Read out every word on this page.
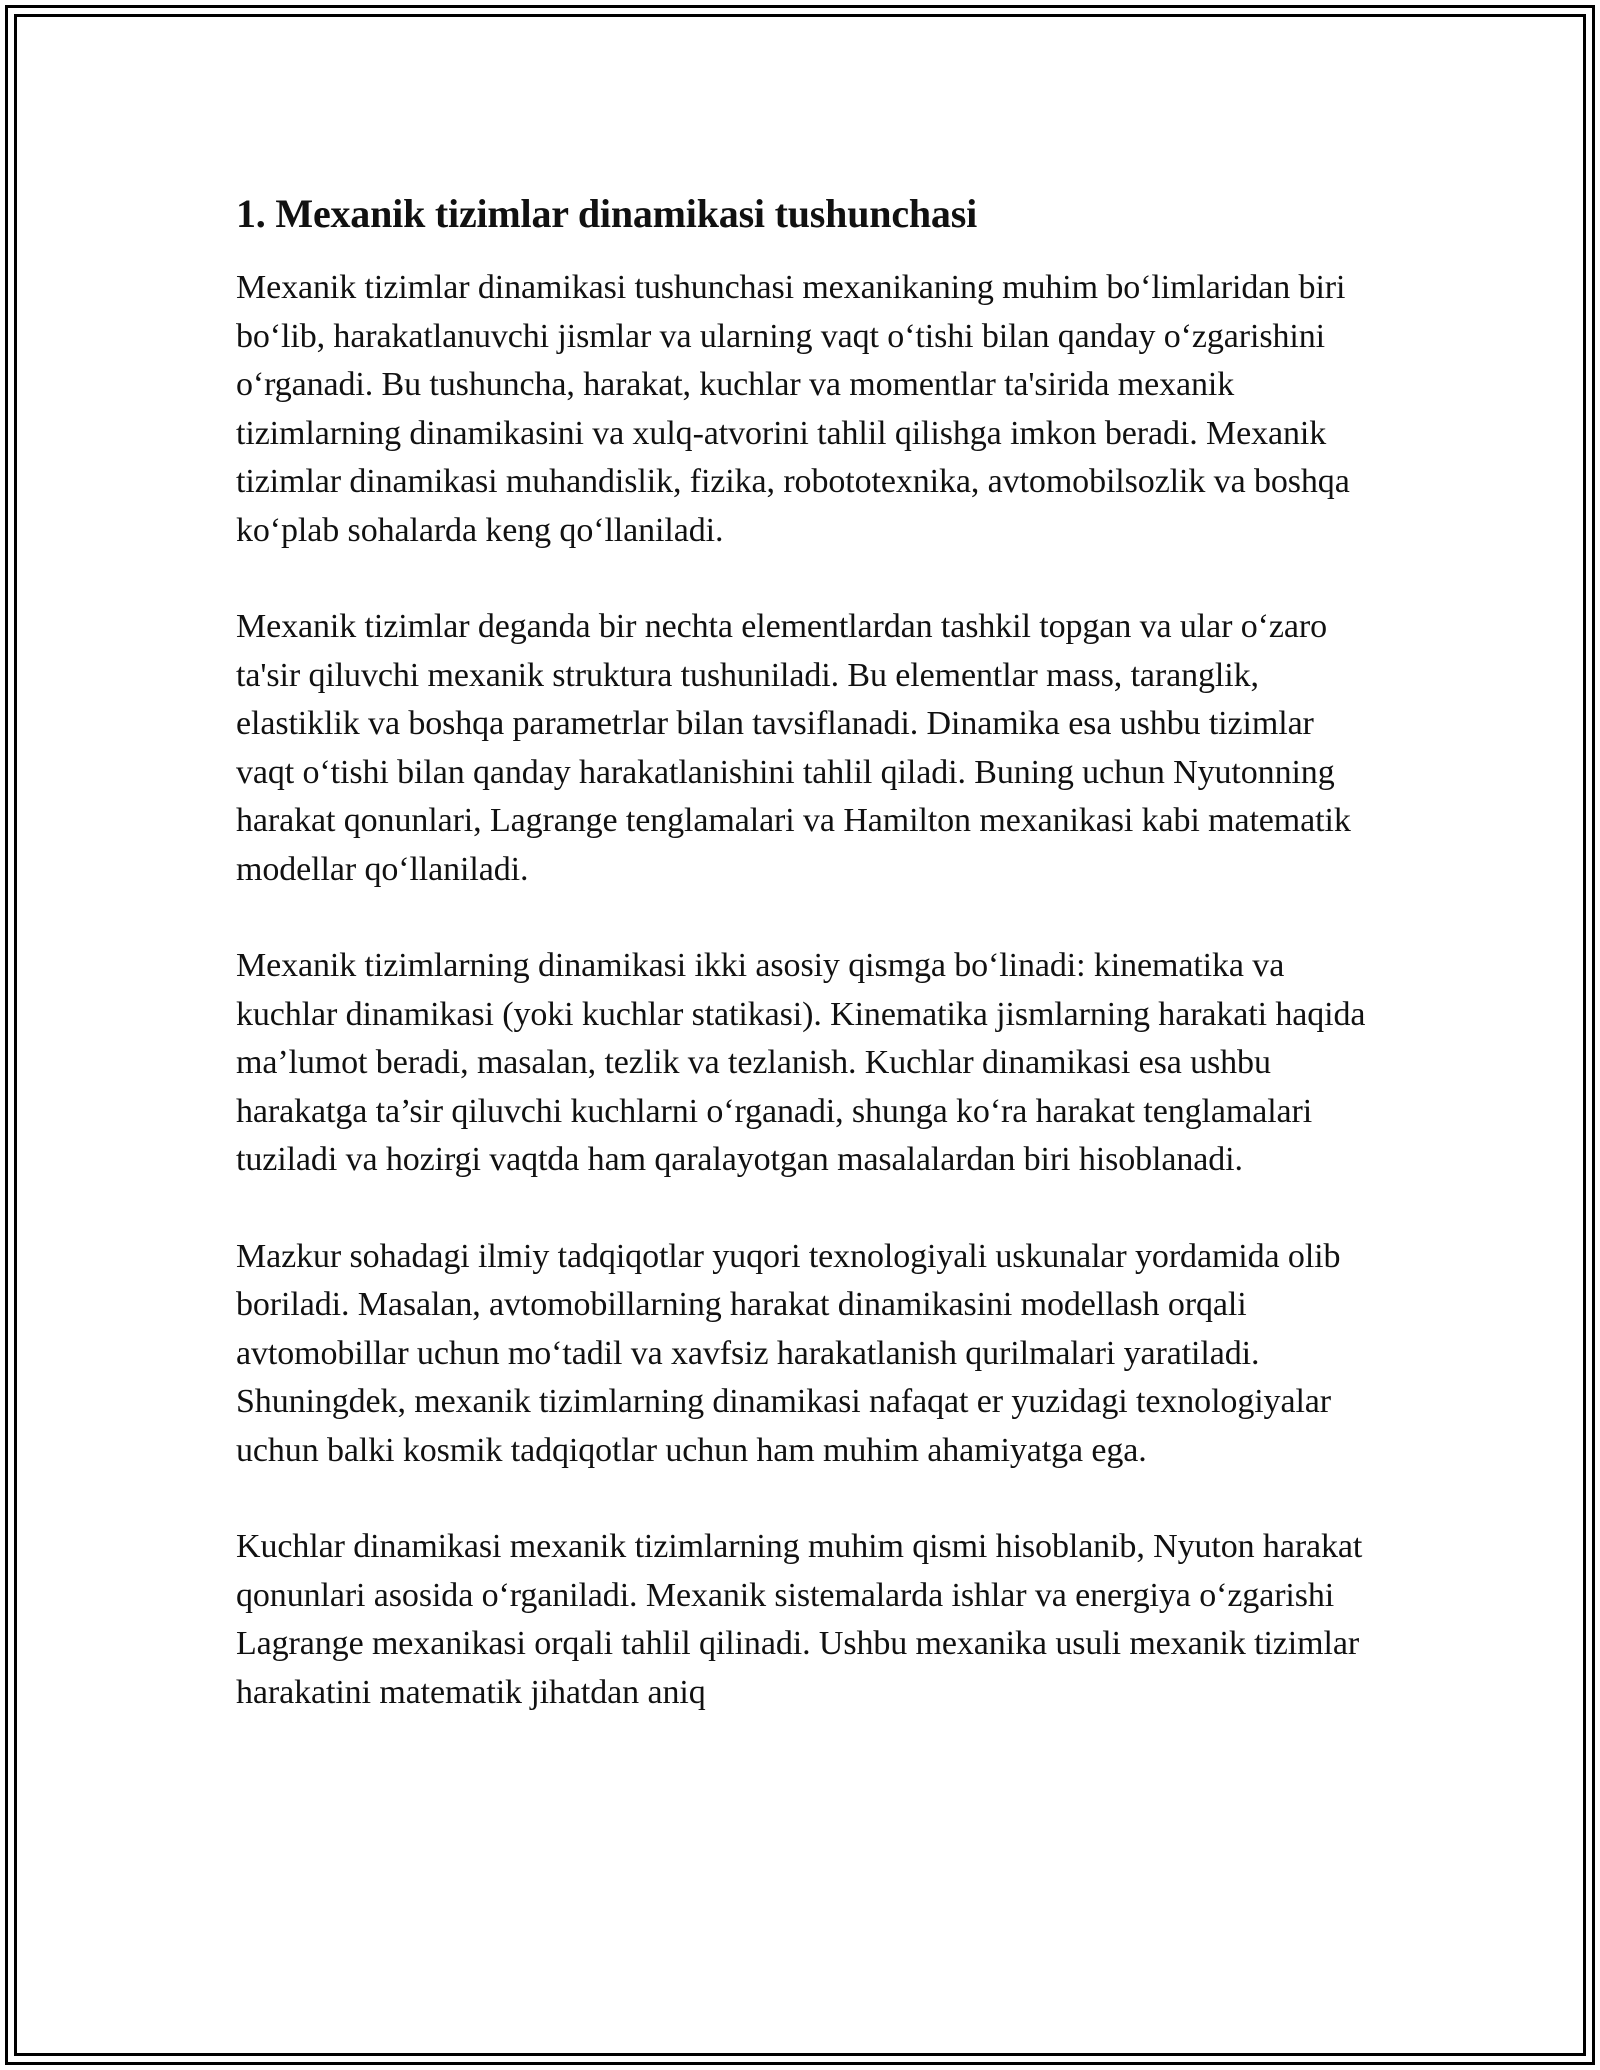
1. Mexanik tizimlar dinamikasi tushunchasi

Mexanik tizimlar dinamikasi tushunchasi mexanikaning muhim bo‘limlaridan biri bo‘lib, harakatlanuvchi jismlar va ularning vaqt o‘tishi bilan qanday o‘zgarishini o‘rganadi. Bu tushuncha, harakat, kuchlar va momentlar ta'sirida mexanik tizimlarning dinamikasini va xulq-atvorini tahlil qilishga imkon beradi. Mexanik tizimlar dinamikasi muhandislik, fizika, robototexnika, avtomobilsozlik va boshqa ko‘plab sohalarda keng qo‘llaniladi.

Mexanik tizimlar deganda bir nechta elementlardan tashkil topgan va ular o‘zaro ta'sir qiluvchi mexanik struktura tushuniladi. Bu elementlar mass, taranglik, elastiklik va boshqa parametrlar bilan tavsiflanadi. Dinamika esa ushbu tizimlar vaqt o‘tishi bilan qanday harakatlanishini tahlil qiladi. Buning uchun Nyutonning harakat qonunlari, Lagrange tenglamalari va Hamilton mexanikasi kabi matematik modellar qo‘llaniladi.

Mexanik tizimlarning dinamikasi ikki asosiy qismga bo‘linadi: kinematika va kuchlar dinamikasi (yoki kuchlar statikasi). Kinematika jismlarning harakati haqida ma’lumot beradi, masalan, tezlik va tezlanish. Kuchlar dinamikasi esa ushbu harakatga ta’sir qiluvchi kuchlarni o‘rganadi, shunga ko‘ra harakat tenglamalari tuziladi va hozirgi vaqtda ham qaralayotgan masalalardan biri hisoblanadi.

Mazkur sohadagi ilmiy tadqiqotlar yuqori texnologiyali uskunalar yordamida olib boriladi. Masalan, avtomobillarning harakat dinamikasini modellash orqali avtomobillar uchun mo‘tadil va xavfsiz harakatlanish qurilmalari yaratiladi. Shuningdek, mexanik tizimlarning dinamikasi nafaqat er yuzidagi texnologiyalar uchun balki kosmik tadqiqotlar uchun ham muhim ahamiyatga ega.

Kuchlar dinamikasi mexanik tizimlarning muhim qismi hisoblanib, Nyuton harakat qonunlari asosida o‘rganiladi. Mexanik sistemalarda ishlar va energiya o‘zgarishi Lagrange mexanikasi orqali tahlil qilinadi. Ushbu mexanika usuli mexanik tizimlar harakatini matematik jihatdan aniq
